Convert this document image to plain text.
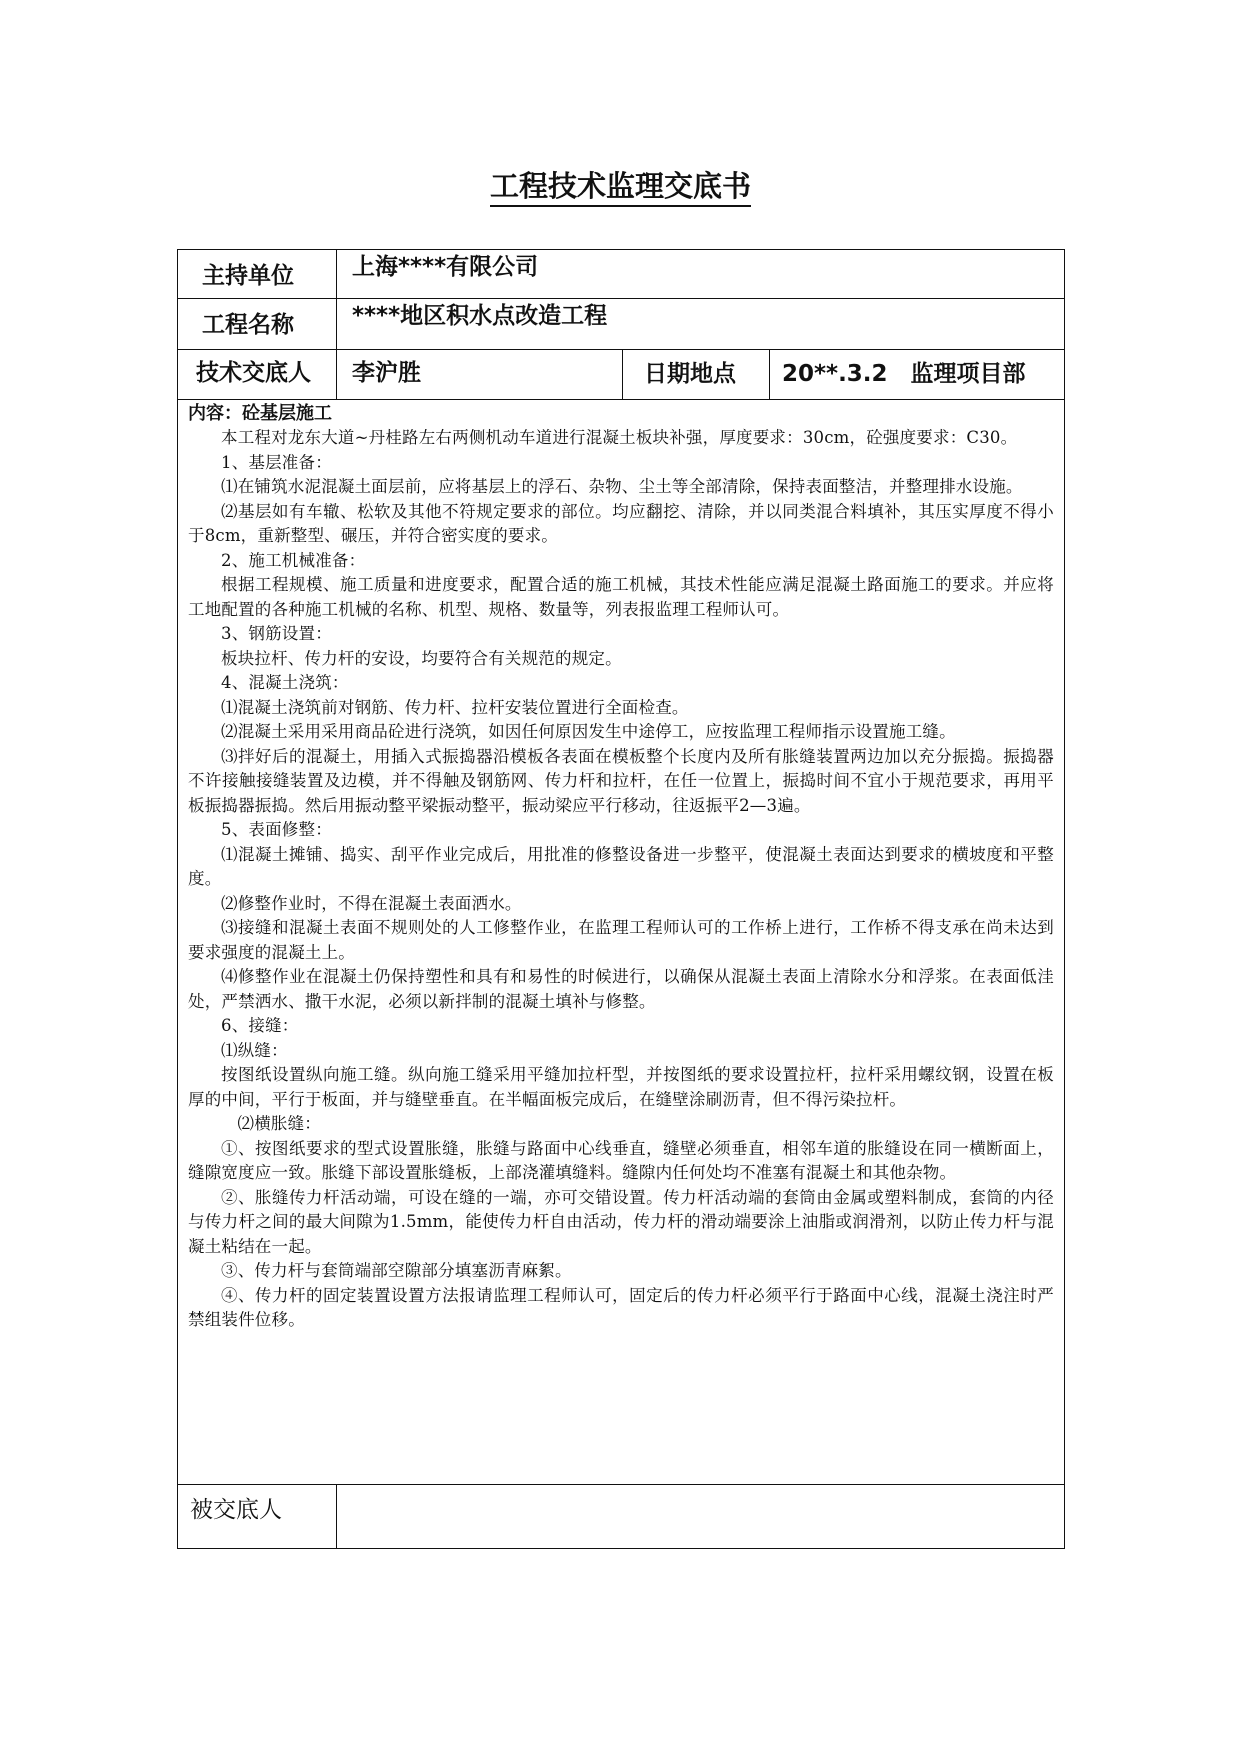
工程技术监理交底书
主持单位	上海****有限公司
工程名称	****地区积水点改造工程
技术交底人 李沪胜	日期地点 20**.3.2　监理项目部
内容：砼基层施工

本工程对龙东大道~丹桂路左右两侧机动车道进行混凝土板块补强，厚度要求：30cm，砼强度要求：C30。

1、基层准备：

⑴在铺筑水泥混凝土面层前，应将基层上的浮石、杂物、尘土等全部清除，保持表面整洁，并整理排水设施。

⑵基层如有车辙、松软及其他不符规定要求的部位。均应翻挖、清除，并以同类混合料填补，其压实厚度不得小于8cm，重新整型、碾压，并符合密实度的要求。

2、施工机械准备：

根据工程规模、施工质量和进度要求，配置合适的施工机械，其技术性能应满足混凝土路面施工的要求。并应将工地配置的各种施工机械的名称、机型、规格、数量等，列表报监理工程师认可。

3、钢筋设置：

板块拉杆、传力杆的安设，均要符合有关规范的规定。

4、混凝土浇筑：

⑴混凝土浇筑前对钢筋、传力杆、拉杆安装位置进行全面检查。

⑵混凝土采用采用商品砼进行浇筑，如因任何原因发生中途停工，应按监理工程师指示设置施工缝。

⑶拌好后的混凝土，用插入式振捣器沿模板各表面在模板整个长度内及所有胀缝装置两边加以充分振捣。振捣器不许接触接缝装置及边模，并不得触及钢筋网、传力杆和拉杆，在任一位置上，振捣时间不宜小于规范要求，再用平板振捣器振捣。然后用振动整平梁振动整平，振动梁应平行移动，往返振平2—3遍。

5、表面修整：

⑴混凝土摊铺、捣实、刮平作业完成后，用批准的修整设备进一步整平，使混凝土表面达到要求的横坡度和平整度。

⑵修整作业时，不得在混凝土表面洒水。

⑶接缝和混凝土表面不规则处的人工修整作业，在监理工程师认可的工作桥上进行，工作桥不得支承在尚未达到要求强度的混凝土上。

⑷修整作业在混凝土仍保持塑性和具有和易性的时候进行，以确保从混凝土表面上清除水分和浮浆。在表面低洼处，严禁洒水、撒干水泥，必须以新拌制的混凝土填补与修整。

6、接缝：

⑴纵缝：

按图纸设置纵向施工缝。纵向施工缝采用平缝加拉杆型，并按图纸的要求设置拉杆，拉杆采用螺纹钢，设置在板厚的中间，平行于板面，并与缝壁垂直。在半幅面板完成后，在缝壁涂刷沥青，但不得污染拉杆。

⑵横胀缝：

①、按图纸要求的型式设置胀缝，胀缝与路面中心线垂直，缝壁必须垂直，相邻车道的胀缝设在同一横断面上，缝隙宽度应一致。胀缝下部设置胀缝板，上部浇灌填缝料。缝隙内任何处均不准塞有混凝土和其他杂物。

②、胀缝传力杆活动端，可设在缝的一端，亦可交错设置。传力杆活动端的套筒由金属或塑料制成，套筒的内径与传力杆之间的最大间隙为1.5mm，能使传力杆自由活动，传力杆的滑动端要涂上油脂或润滑剂，以防止传力杆与混凝土粘结在一起。

③、传力杆与套筒端部空隙部分填塞沥青麻絮。

④、传力杆的固定装置设置方法报请监理工程师认可，固定后的传力杆必须平行于路面中心线，混凝土浇注时严禁组装件位移。

被交底人
